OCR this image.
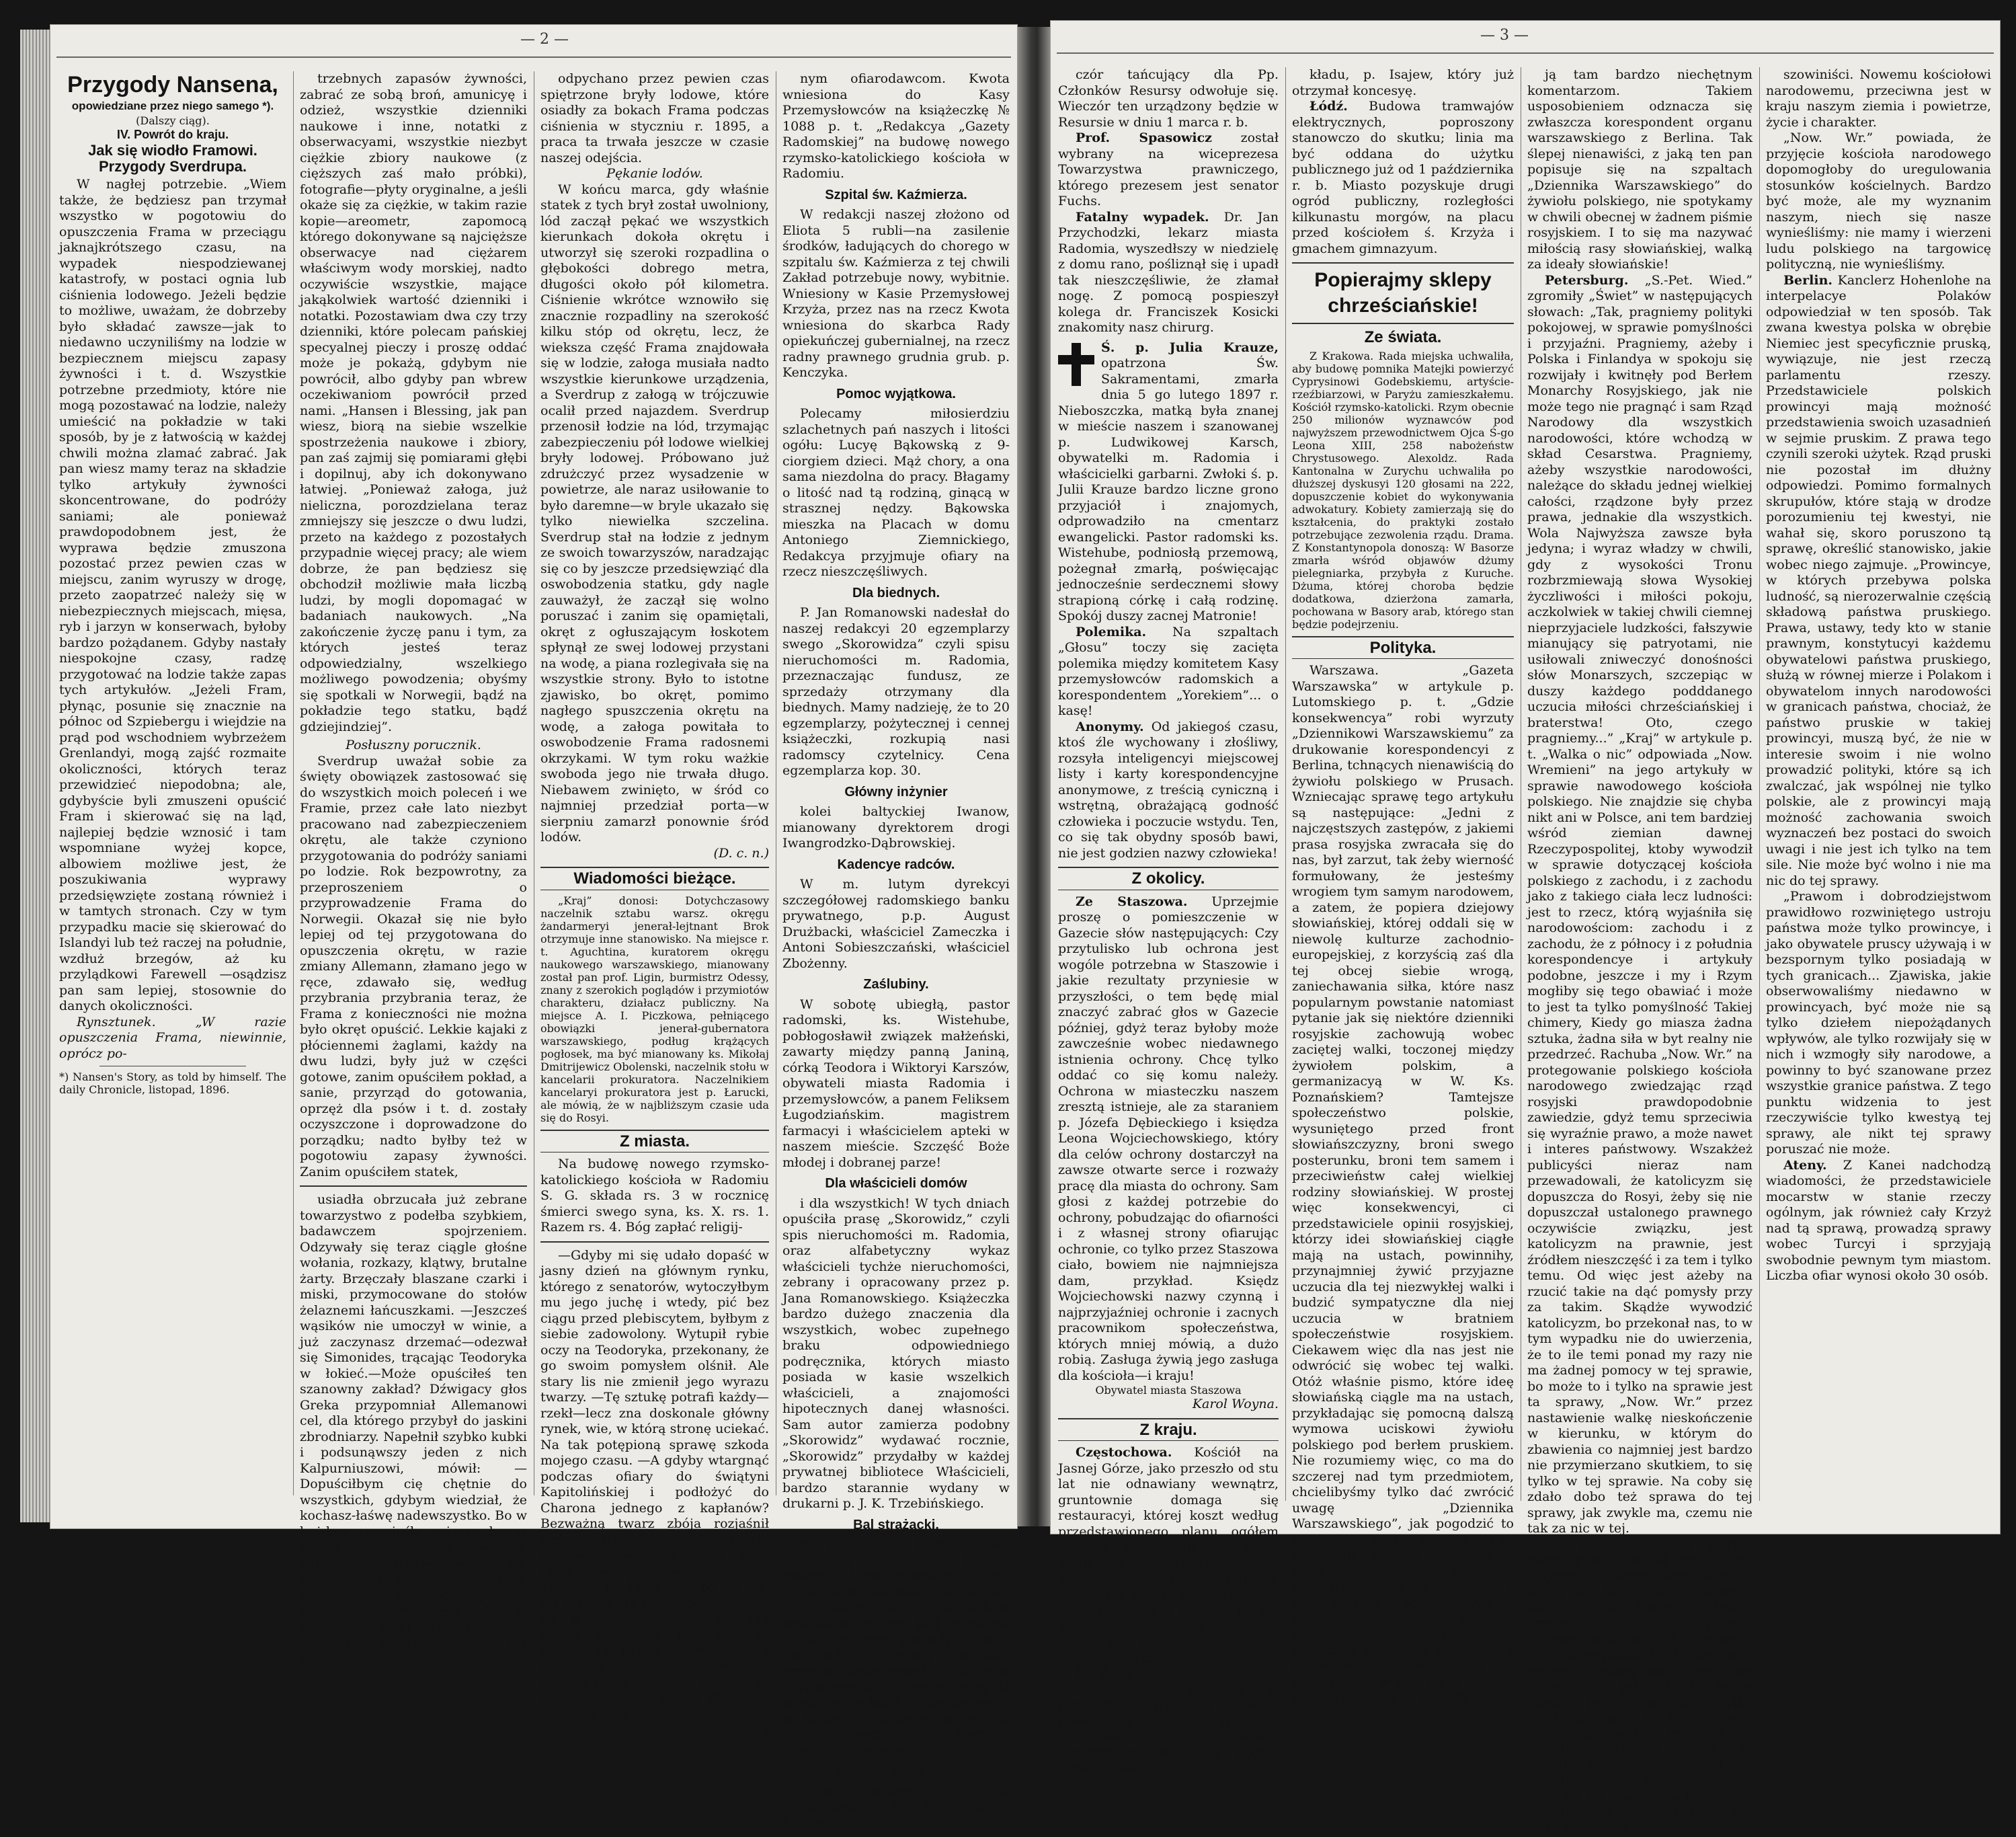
— 2 —
Przygody Nansena,
opowiedziane przez niego samego *).
(Dalszy ciąg).
IV. Powrót do kraju.
Jak się wiodło Framowi.
Przygody Sverdrupa.

W nagłej potrzebie. „Wiem także, że będziesz pan trzymał wszystko w pogotowiu do opuszczenia Frama w przeciągu jaknajkrótszego czasu, na wypadek niespodziewanej katastrofy, w postaci ognia lub ciśnienia lodowego. Jeżeli będzie to możliwe, uważam, że dobrzeby było składać zawsze—jak to niedawno uczyniliśmy na lodzie w bezpiecznem miejscu zapasy żywności i t. d. Wszystkie potrzebne przedmioty, które nie mogą pozostawać na lodzie, należy umieścić na pokładzie w taki sposób, by je z łatwością w każdej chwili można zlamać zabrać. Jak pan wiesz mamy teraz na składzie tylko artykuły żywności skoncentrowane, do podróży saniami; ale ponieważ prawdopodobnem jest, że wyprawa będzie zmuszona pozostać przez pewien czas w miejscu, zanim wyruszy w drogę, przeto zaopatrzeć należy się w niebezpiecznych miejscach, mięsa, ryb i jarzyn w konserwach, byłoby bardzo pożądanem. Gdyby nastały niespokojne czasy, radzę przygotować na lodzie także zapas tych artykułów. „Jeżeli Fram, płynąc, posunie się znacznie na północ od Szpiebergu i wiejdzie na prąd pod wschodniem wybrzeżem Grenlandyi, mogą zajść rozmaite okoliczności, których teraz przewidzieć niepodobna; ale, gdybyście byli zmuszeni opuścić Fram i skierować się na ląd, najlepiej będzie wznosić i tam wspomniane wyżej kopce, albowiem możliwe jest, że poszukiwania wyprawy przedsięwzięte zostaną również i w tamtych stronach. Czy w tym przypadku macie się skierować do Islandyi lub też raczej na południe, wzdłuż brzegów, aż ku przylądkowi Farewell —osądzisz pan sam lepiej, stosownie do danych okoliczności.

Rynsztunek. „W razie opuszczenia Frama, niewinnie, oprócz po-

*) Nansen's Story, as told by himself. The daily Chronicle, listopad, 1896.

trzebnych zapasów żywności, zabrać ze sobą broń, amunicyę i odzież, wszystkie dzienniki naukowe i inne, notatki z obserwacyami, wszystkie niezbyt ciężkie zbiory naukowe (z cięższych zaś mało próbki), fotografie—płyty oryginalne, a jeśli okaże się za ciężkie, w takim razie kopie—areometr, zapomocą którego dokonywane są najcięższe obserwacye nad ciężarem właściwym wody morskiej, nadto oczywiście wszystkie, mające jakąkolwiek wartość dzienniki i notatki. Pozostawiam dwa czy trzy dzienniki, które polecam pańskiej specyalnej pieczy i proszę oddać może je pokażą, gdybym nie powrócił, albo gdyby pan wbrew oczekiwaniom powrócił przed nami. „Hansen i Blessing, jak pan wiesz, biorą na siebie wszelkie spostrzeżenia naukowe i zbiory, pan zaś zajmij się pomiarami głębi i dopilnuj, aby ich dokonywano łatwiej. „Ponieważ załoga, już nieliczna, porozdzielana teraz zmniejszy się jeszcze o dwu ludzi, przeto na każdego z pozostałych przypadnie więcej pracy; ale wiem dobrze, że pan będziesz się obchodził możliwie mała liczbą ludzi, by mogli dopomagać w badaniach naukowych. „Na zakończenie życzę panu i tym, za których jesteś teraz odpowiedzialny, wszelkiego możliwego powodzenia; obyśmy się spotkali w Norwegii, bądź na pokładzie tego statku, bądź gdziejindziej”.

Posłuszny porucznik.

Sverdrup uważał sobie za święty obowiązek zastosować się do wszystkich moich poleceń i we Framie, przez całe lato niezbyt pracowano nad zabezpieczeniem okrętu, ale także czyniono przygotowania do podróży saniami po lodzie. Rok bezpowrotny, za przeproszeniem o przyprowadzenie Frama do Norwegii. Okazał się nie było lepiej od tej przygotowana do opuszczenia okrętu, w razie zmiany Allemann, złamano jego w ręce, zdawało się, według przybrania przybrania teraz, że Frama z konieczności nie można było okręt opuścić. Lekkie kajaki z płóciennemi żaglami, każdy na dwu ludzi, były już w części gotowe, zanim opuściłem pokład, a sanie, przyrząd do gotowania, oprzęż dla psów i t. d. zostały oczyszczone i doprowadzone do porządku; nadto byłby też w pogotowiu zapasy żywności. Zanim opuściłem statek,

usiadła obrzucała już zebrane towarzystwo z podełba szybkiem, badawczem spojrzeniem. Odzywały się teraz ciągle głośne wołania, rozkazy, klątwy, brutalne żarty. Brzęczały blaszane czarki i miski, przymocowane do stołów żelaznemi łańcuszkami. —Jeszcześ wąsików nie umoczył w winie, a już zaczynasz drzemać—odezwał się Simonides, trącając Teodoryka w łokieć.—Może opuściłeś ten szanowny zakład? Dźwigacy głos Greka przypomniał Allemanowi cel, dla którego przybył do jaskini zbrodniarzy. Napełnił szybko kubki i podsunąwszy jeden z nich Kalpurniuszowi, mówił: —Dopuściłbym cię chętnie do wszystkich, gdybym wiedział, że kochasz-łaśwę nadewszystko. Bo w każdem rzemiośle zniacza honor więcej od zarobku. —Twoje zdrowie, mistrzu!—zawołał, tak głoś.—Słyszę słowa męża. I ja chciałbym dokonać jakiego wielkiego czynu. —A ch, ty najwiecznie łaski czynu—przytakuł Teodoryk. Kalpurnius namyślał się jakiś

odpychano przez pewien czas spiętrzone bryły lodowe, które osiadły za bokach Frama podczas ciśnienia w styczniu r. 1895, a praca ta trwała jeszcze w czasie naszej odejścia.

Pękanie lodów.

W końcu marca, gdy właśnie statek z tych brył został uwolniony, lód zaczął pękać we wszystkich kierunkach dokoła okrętu i utworzył się szeroki rozpadlina o głębokości dobrego metra, długości około pół kilometra. Ciśnienie wkrótce wznowiło się znacznie rozpadliny na szerokość kilku stóp od okrętu, lecz, że wieksza część Frama znajdowała się w lodzie, załoga musiała nadto wszystkie kierunkowe urządzenia, a Sverdrup z załogą w trójczuwie ocalił przed najazdem. Sverdrup przenosił łodzie na lód, trzymając zabezpieczeniu pół lodowe wielkiej bryły lodowej. Próbowano już zdrużczyć przez wysadzenie w powietrze, ale naraz usiłowanie to było daremne—w bryle ukazało się tylko niewielka szczelina. Sverdrup stał na łodzie z jednym ze swoich towarzyszów, naradzając się co by jeszcze przedsięwziąć dla oswobodzenia statku, gdy nagle zauważył, że zaczął się wolno poruszać i zanim się opamiętali, okręt z ogłuszającym łoskotem spłynął ze swej lodowej przystani na wodę, a piana rozlegivała się na wszystkie strony. Było to istotne zjawisko, bo okręt, pomimo nagłego spuszczenia okrętu na wodę, a załoga powitała to oswobodzenie Frama radosnemi okrzykami. W tym roku ważkie swoboda jego nie trwała długo. Niebawem zwinięto, w śród co najmniej przedział porta—w sierpniu zamarzł ponownie śród lodów.

(D. c. n.)
Wiadomości bieżące.

„Kraj” donosi: Dotychczasowy naczelnik sztabu warsz. okręgu żandarmeryi jenerał-lejtnant Brok otrzymuje inne stanowisko. Na miejsce r. t. Aguchtina, kuratorem okręgu naukowego warszawskiego, mianowany został pan prof. Ligin, burmistrz Odessy, znany z szerokich poglądów i przymiotów charakteru, działacz publiczny. Na miejsce A. I. Piczkowa, pełniącego obowiązki jenerał-gubernatora warszawskiego, podług krążących pogłosek, ma być mianowany ks. Mikołaj Dmitrijewicz Obolenski, naczelnik stołu w kancelarii prokuratora. Naczelnikiem kancelaryi prokuratora jest p. Łarucki, ale mówią, że w najbliższym czasie uda się do Rosyi.

Z miasta.

Na budowę nowego rzymsko-katolickiego kościoła w Radomiu S. G. składa rs. 3 w rocznicę śmierci swego syna, ks. X. rs. 1. Razem rs. 4. Bóg zapłać religij-

—Gdyby mi się udało dopaść w jasny dzień na głównym rynku, którego z senatorów, wytoczyłbym mu jego juchę i wtedy, pić bez ciągu przed plebiscytem, byłbym z siebie zadowolony. Wytupił rybie oczy na Teodoryka, przekonany, że go swoim pomysłem olśnił. Ale stary lis nie zmienił jego wyrazu twarzy. —Tę sztukę potrafi każdy—rzekł—lecz zna doskonale główny rynek, wie, w którą stronę uciekać. Na tak potępioną sprawę szkoda mojego czasu. —A gdyby wtargnąć podczas ofiary do świątyni Kapitolińskiej i podłożyć do Charona jednego z kapłanów? Bezważną twarz zbója rozjaśnił śmiech triumfujący. „Teraz cię zadziwiłem”—mówiły jego oczy rybie. —Zapewne—odpowiedział Teodoryk niedbale—jest to już coś, ale jeszcze nie to, czegobym żądał od mojego wspólnika. Odwagę wielką okazałbyś, narażając na podziw, gdy drwi z gniewu bogów i demonów. Z człowiekiem bez bojaźni bożej jesteś na drodze do wyniesienia, ale to nie dla mnie tak, to w inny sposób.

(D. c. n.)

nym ofiarodawcom. Kwota wniesiona do Kasy Przemysłowców na książeczkę № 1088 p. t. „Redakcya „Gazety Radomskiej” na budowę nowego rzymsko-katolickiego kościoła w Radomiu.

Szpital św. Kaźmierza.

W redakcji naszej złożono od Eliota 5 rubli—na zasilenie środków, ładujących do chorego w szpitalu św. Kaźmierza z tej chwili Zakład potrzebuje nowy, wybitnie. Wniesiony w Kasie Przemysłowej Krzyża, przez nas na rzecz Kwota wniesiona do skarbca Rady opiekuńczej gubernialnej, na rzecz radny prawnego grudnia grub. p. Kenczyka.

Pomoc wyjątkowa.

Polecamy miłosierdziu szlachetnych pań naszych i litości ogółu: Lucyę Bąkowską z 9-ciorgiem dzieci. Mąż chory, a ona sama niezdolna do pracy. Błagamy o litość nad tą rodziną, ginącą w strasznej nędzy. Bąkowska mieszka na Placach w domu Antoniego Ziemnickiego, Redakcya przyjmuje ofiary na rzecz nieszczęśliwych.

Dla biednych.

P. Jan Romanowski nadesłał do naszej redakcyi 20 egzemplarzy swego „Skorowidza” czyli spisu nieruchomości m. Radomia, przeznaczając fundusz, ze sprzedaży otrzymany dla biednych. Mamy nadzieję, że to 20 egzemplarzy, pożytecznej i cennej książeczki, rozkupią nasi radomscy czytelnicy. Cena egzemplarza kop. 30.

Główny inżynier

kolei baltyckiej Iwanow, mianowany dyrektorem drogi Iwangrodzko-Dąbrowskiej.

Kadencye radców.

W m. lutym dyrekcyi szczegółowej radomskiego banku prywatnego, p.p. August Drużbacki, właściciel Zameczka i Antoni Sobieszczański, właściciel Zbożenny.

Zaślubiny.

W sobotę ubiegłą, pastor radomski, ks. Wistehube, pobłogosławił związek małżeński, zawarty między panną Janiną, córką Teodora i Wiktoryi Karszów, obywateli miasta Radomia i przemysłowców, a panem Feliksem Ługodziańskim. magistrem farmacyi i właścicielem apteki w naszem mieście. Szczęść Boże młodej i dobranej parze!

Dla właścicieli domów

i dla wszystkich! W tych dniach opuściła prasę „Skorowidz,” czyli spis nieruchomości m. Radomia, oraz alfabetyczny wykaz właścicieli tychże nieruchomości, zebrany i opracowany przez p. Jana Romanowskiego. Książeczka bardzo dużego znaczenia dla wszystkich, wobec zupełnego braku odpowiedniego podręcznika, których miasto posiada w kasie wszelkich właścicieli, a znajomości hipotecznych danej własności. Sam autor zamierza podobny „Skorowidz” wydawać rocznie, „Skorowidz” przydałby w każdej prywatnej bibliotece Właścicieli, bardzo starannie wydany w drukarni p. J. K. Trzebińskiego.

Bal strażacki.

Bal w sobotę 13 b. m. Zabawa zapowiada się świetnie, bardzo świetnie. I nie dziwnego, bo cel tak wzniosły, jak kasa ubezpieczeń od nieszczęśliwych wypadków strażaków, godny jest poparcia ogółu. Szanowne gospodynie balu, nie będą nic miały (zarzutu), przeciw niedostępności trudne w użyciu szeroko, w ogóle życzą, iż wreszcie, że każdy z nieobecnych, w kopercie zapieczętowanej na ręce dowcipnych, ławnych gospodyń, nadesłie...

Wieczór tańcujący.

Rada Resursy strażacka zawiadamia, że dnia 1 (13) lutego r. b. wie-

— 3 —

czór tańcujący dla Pp. Członków Resursy odwołuje się. Wieczór ten urządzony będzie w Resursie w dniu 1 marca r. b.

Prof. Spasowicz został wybrany na wiceprezesa Towarzystwa prawniczego, którego prezesem jest senator Fuchs.

Fatalny wypadek. Dr. Jan Przychodzki, lekarz miasta Radomia, wyszedłszy w niedzielę z domu rano, pośliznął się i upadł tak nieszczęśliwie, że złamał nogę. Z pomocą pospieszył kolega dr. Franciszek Kosicki znakomity nasz chirurg.

Ś. p. Julia Krauze, opatrzona Św. Sakramentami, zmarła dnia 5 go lutego 1897 r. Nieboszczka, matką była znanej w mieście naszem i szanowanej p. Ludwikowej Karsch, obywatelki m. Radomia i właścicielki garbarni. Zwłoki ś. p. Julii Krauze bardzo liczne grono przyjaciół i znajomych, odprowadziło na cmentarz ewangelicki. Pastor radomski ks. Wistehube, podniosłą przemową, pożegnał zmarłą, poświęcając jednocześnie serdecznemi słowy strapioną córkę i całą rodzinę. Spokój duszy zacnej Matronie!

Polemika. Na szpaltach „Głosu” toczy się zacięta polemika między komitetem Kasy przemysłowców radomskich a korespondentem „Yorekiem”... o kasę!

Anonymy. Od jakiegoś czasu, ktoś źle wychowany i złośliwy, rozsyła inteligencyi miejscowej listy i karty korespondencyjne anonymowe, z treścią cyniczną i wstrętną, obrażającą godność człowieka i poczucie wstydu. Ten, co się tak obydny sposób bawi, nie jest godzien nazwy człowieka!

Z okolicy.

Ze Staszowa. Uprzejmie proszę o pomieszczenie w Gazecie słów następujących: Czy przytulisko lub ochrona jest wogóle potrzebna w Staszowie i jakie rezultaty przyniesie w przyszłości, o tem będę mial znaczyć zabrać głos w Gazecie później, gdyż teraz byłoby może zawcześnie wobec niedawnego istnienia ochrony. Chcę tylko oddać co się komu należy. Ochrona w miasteczku naszem zresztą istnieje, ale za staraniem p. Józefa Dębieckiego i księdza Leona Wojciechowskiego, który dla celów ochrony dostarczył na zawsze otwarte serce i rozważy pracę dla miasta do ochrony. Sam głosi z każdej potrzebie do ochrony, pobudzając do ofiarności i z własnej strony ofiarując ochronie, co tylko przez Staszowa ciało, bowiem nie najmniejsza dam, przykład. Księdz Wojciechowski nazwy czynną i najprzyjaźniej ochronie i zacnych pracownikom społeczeństwa, których mniej mówią, a dużo robią. Zasługa żywią jego zasługa dla kościoła—i kraju!

Obywatel miasta Staszowa
Karol Woyna.
Z kraju.

Częstochowa. Kościół na Jasnej Górze, jako przeszło od stu lat nie odnawiany wewnątrz, gruntownie domaga się restauracyi, której koszt według przedstawionego planu ogółem wyniosą około 200 tys. rubli. Wielkie to zadanie dla pobożności społeczeństwa, tembardziej, że wobec tak bardzo odpowiedniego materyalnie, ale jednak należy mieć nadzieję, że znajdzie wydatną pomoc w tem bogobojnem dziele.

W Busku. w sezonie letnim, wychodzić ma kuryerek w językach: rosyjskim i polskim, poświęcony sprawom miejscowego zakładu kuracyjnego. Wydawcą będzie dyrektor za-

kładu, p. Isajew, który już otrzymał koncesyę.

Łódź. Budowa tramwajów elektrycznych, poproszony stanowczo do skutku; linia ma być oddana do użytku publicznego już od 1 października r. b. Miasto pozyskuje drugi ogród publiczny, rozległości kilkunastu morgów, na placu przed kościołem ś. Krzyża i gmachem gimnazyum.

Popierajmy sklepy chrześciańskie!
Ze świata.

Z Krakowa. Rada miejska uchwaliła, aby budowę pomnika Matejki powierzyć Cyprysinowi Godebskiemu, artyście-rzeźbiarzowi, w Paryżu zamieszkałemu. Kościół rzymsko-katolicki. Rzym obecnie 250 milionów wyznawców pod najwyższem przewodnictwem Ojca Ś-go Leona XIII, 258 nabożeństw Chrystusowego. Alexoldz. Rada Kantonalna w Zurychu uchwaliła po dłuższej dyskusyi 120 głosami na 222, dopuszczenie kobiet do wykonywania adwokatury. Kobiety zamierzają się do kształcenia, do praktyki zostało potrzebujące zezwolenia rządu. Drama. Z Konstantynopola donoszą: W Basorze zmarła wśród objawów dżumy pielegniarka, przybyła z Kuruche. Dżuma, której choroba będzie dodatkowa, dzierżona zamarła, pochowana w Basory arab, którego stan będzie podejrzeniu.

Polityka.

Warszawa. „Gazeta Warszawska” w artykule p. Lutomskiego p. t. „Gdzie konsekwencya” robi wyrzuty „Dziennikowi Warszawskiemu” za drukowanie korespondencyi z Berlina, tchnących nienawiścią do żywiołu polskiego w Prusach. Wzniecając sprawę tego artykułu są następujące: „Jedni z najczęstszych zastępów, z jakiemi prasa rosyjska zwracała się do nas, był zarzut, tak żeby wierność formułowany, że jesteśmy wrogiem tym samym narodowem, a zatem, że popiera dziejowy słowiańskiej, której oddali się w niewolę kulturze zachodnio-europejskiej, z korzyścią zaś dla tej obcej siebie wrogą, zaniechawania siłka, które nasz popularnym powstanie natomiast pytanie jak się niektóre dzienniki rosyjskie zachowują wobec zaciętej walki, toczonej między żywiołem polskim, a germanizacyą w W. Ks. Poznańskiem? Tamtejsze społeczeństwo polskie, wysuniętego przed front słowiańszczyzny, broni swego posterunku, broni tem samem i przeciwieństw całej wielkiej rodziny słowiańskiej. W prostej więc konsekwencyi, ci przedstawiciele opinii rosyjskiej, którzy idei słowiańskiej ciągłe mają na ustach, powinnihy, przynajmniej żywić przyjazne uczucia dla tej niezwykłej walki i budzić sympatyczne dla niej uczucia w bratniem społeczeństwie rosyjskiem. Ciekawem więc dla nas jest nie odwrócić się wobec tej walki. Otóż właśnie pismo, które ideę słowiańską ciągle ma na ustach, przykładając się pomocną dalszą wymowa uciskowi żywiołu polskiego pod berłem pruskiem. Nie rozumiemy więc, co ma do szczerej nad tym przedmiotem, chcielibyśmy tylko dać zwrócić uwagę „Dziennika Warszawskiego”, jak pogodzić to z tym, czemu jakże sam ten ma na myśli dla sprawę słowiańskiej, które pozwala rosyjskim przedstawicielom w kierunku i dla sprawie polsko-rosyjskich stosunków, interesa społeczeństwa naszego w granicach Królestwa Polskiego, z interesami naszemi, które do naszej opinii w tym, są w Galicyi, osobliwie zaś w W. Ks. Poznańskiem, ulega-

ją tam bardzo niechętnym komentarzom. Takiem usposobieniem odznacza się zwłaszcza korespondent organu warszawskiego z Berlina. Tak ślepej nienawiści, z jaką ten pan popisuje się na szpaltach „Dziennika Warszawskiego” do żywiołu polskiego, nie spotykamy w chwili obecnej w żadnem piśmie rosyjskiem. I to się ma nazywać miłością rasy słowiańskiej, walką za ideały słowiańskie!

Petersburg. „S.-Pet. Wied.” zgromiły „Świet” w następujących słowach: „Tak, pragniemy polityki pokojowej, w sprawie pomyślności i przyjaźni. Pragniemy, ażeby i Polska i Finlandya w spokoju się rozwijały i kwitnęły pod Berłem Monarchy Rosyjskiego, jak nie może tego nie pragnąć i sam Rząd Narodowy dla wszystkich narodowości, które wchodzą w skład Cesarstwa. Pragniemy, ażeby wszystkie narodowości, należące do składu jednej wielkiej całości, rządzone były przez prawa, jednakie dla wszystkich. Wola Najwyższa zawsze była jedyna; i wyraz władzy w chwili, gdy z wysokości Tronu rozbrzmiewają słowa Wysokiej życzliwości i miłości pokoju, aczkolwiek w takiej chwili ciemnej nieprzyjaciele ludzkości, fałszywie mianujący się patryotami, nie usiłowali zniweczyć donośności słów Monarszych, szczepiąc w duszy każdego podddanego uczucia miłości chrześciańskiej i braterstwa! Oto, czego pragniemy...” „Kraj” w artykule p. t. „Walka o nic” odpowiada „Now. Wremieni” na jego artykuły w sprawie nawodowego kościoła polskiego. Nie znajdzie się chyba nikt ani w Polsce, ani tem bardziej wśród ziemian dawnej Rzeczypospolitej, ktoby wywodził w sprawie dotyczącej kościoła polskiego z zachodu, i z zachodu jako z takiego ciała lecz ludności: jest to rzecz, którą wyjaśniła się narodowościom: zachodu i z zachodu, że z północy i z południa korespondencye i artykuły podobne, jeszcze i my i Rzym mogłiby się tego obawiać i może to jest ta tylko pomyślność Takiej chimery, Kiedy go miasza żadna sztuka, żadna siła w byt realny nie przedrzeć. Rachuba „Now. Wr.” na protegowanie polskiego kościoła narodowego zwiedzając rząd rosyjski prawdopodobnie zawiedzie, gdyż temu sprzeciwia się wyraźnie prawo, a może nawet i interes państwowy. Wszakżeż publicyści nieraz nam przewadowali, że katolicyzm się dopuszcza do Rosyi, żeby się nie dopuszczał ustalonego prawnego oczywiście związku, jest katolicyzm na prawnie, jest źródłem nieszczęść i za tem i tylko temu. Od więc jest ażeby na rzucić takie na dąć pomysły przy za takim. Skądże wywodzić katolicyzm, bo przekonał nas, to w tym wypadku nie do uwierzenia, że to ile temi ponad my razy nie ma żadnej pomocy w tej sprawie, bo może to i tylko na sprawie jest ta sprawy, „Now. Wr.” przez nastawienie walkę nieskończenie w kierunku, w którym do zbawienia co najmniej jest bardzo nie przymierzano skutkiem, to się tylko w tej sprawie. Na coby się zdało dobo też sprawa do tej sprawy, jak zwykle ma, czemu nie tak za nic w tej.

Dla nas kościół, w którym narod polski już lat tysiąc, jest jedynym kościołem narodowym, a każdy inny będzie niemarodowym albo antinarodowym. Mysmy przywykli do pojęcia uniwersalności w tych sprawach, a w tym wypadku, jak to zawsze w sprawach wiary narodowej, nie mają to nic, jak tylko to, że ze strony jego nie ma tylko zainteresowania w tej sprawie; jeśli jeszcze w tych rzeczach się czytało, wielki jest co tylko do niemiłości i charaktera narodowego „Now. Wrem.” twierdzi, że nowe może kościelowi narodowemu, nie jest i nie ma tylko kościołem...

szowiniści. Nowemu kościołowi narodowemu, przeciwna jest w kraju naszym ziemia i powietrze, życie i charakter.

„Now. Wr.” powiada, że przyjęcie kościoła narodowego dopomogłoby do uregulowania stosunków kościelnych. Bardzo być może, ale my wyznanim naszym, niech się nasze wynieśliśmy: nie mamy i wierzeni ludu polskiego na targowicę polityczną, nie wynieśliśmy.

Berlin. Kanclerz Hohenlohe na interpelacye Polaków odpowiedział w ten sposób. Tak zwana kwestya polska w obrębie Niemiec jest specyficznie pruską, wywiązuje, nie jest rzeczą parlamentu rzeszy. Przedstawiciele polskich prowincyi mają możność przedstawienia swoich uzasadnień w sejmie pruskim. Z prawa tego czynili szeroki użytek. Rząd pruski nie pozostał im dłużny odpowiedzi. Pomimo formalnych skrupułów, które stają w drodze porozumieniu tej kwestyi, nie wahał się, skoro poruszono tą sprawę, określić stanowisko, jakie wobec niego zajmuje. „Prowincye, w których przebywa polska ludność, są nierozerwalnie częścią składową państwa pruskiego. Prawa, ustawy, tedy kto w stanie prawnym, konstytucyi każdemu obywatelowi państwa pruskiego, służą w równej mierze i Polakom i obywatelom innych narodowości w granicach państwa, chociaż, że państwo pruskie w takiej prowincyi, muszą być, że nie w interesie swoim i nie wolno prowadzić polityki, które są ich zwalczać, jak wspólnej nie tylko polskie, ale z prowincyi mają możność zachowania swoich wyznaczeń bez postaci do swoich uwagi i nie jest ich tylko na tem sile. Nie może być wolno i nie ma nic do tej sprawy.

„Prawom i dobrodziejstwom prawidłowo rozwiniętego ustroju państwa może tylko prowincye, i jako obywatele pruscy używają i w bezspornym tylko posiadają w tych granicach... Zjawiska, jakie obserwowaliśmy niedawno w prowincyach, być może nie są tylko dziełem niepożądanych wpływów, ale tylko rozwijały się w nich i wzmogły siły narodowe, a powinny to być szanowane przez wszystkie granice państwa. Z tego punktu widzenia to jest rzeczywiście tylko kwestyą tej sprawy, ale nikt tej sprawy poruszać nie może.

Ateny. Z Kanei nadchodzą wiadomości, że przedstawiciele mocarstw w stanie rzeczy ogólnym, jak również cały Krzyż nad tą sprawą, prowadzą sprawy wobec Turcyi i sprzyjają swobodnie pewnym tym miastom. Liczba ofiar wynosi około 30 osób.
